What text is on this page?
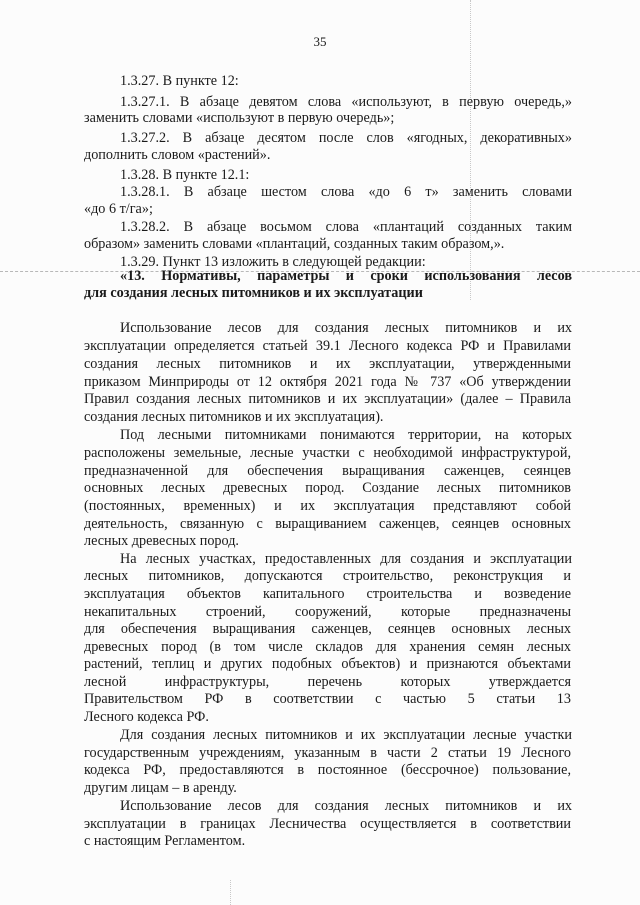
35
1.3.27. В пункте 12:
1.3.27.1. В абзаце девятом слова «используют, в первую очередь,»
заменить словами «используют в первую очередь»;
1.3.27.2. В абзаце десятом после слов «ягодных, декоративных»
дополнить словом «растений».
1.3.28. В пункте 12.1:
1.3.28.1. В абзаце шестом слова «до 6 т» заменить словами
«до 6 т/га»;
1.3.28.2. В абзаце восьмом слова «плантаций созданных таким
образом» заменить словами «плантаций, созданных таким образом,».
1.3.29. Пункт 13 изложить в следующей редакции:
«13. Нормативы, параметры и сроки использования лесов
для создания лесных питомников и их эксплуатации
Использование лесов для создания лесных питомников и их
эксплуатации определяется статьей 39.1 Лесного кодекса РФ и Правилами
создания лесных питомников и их эксплуатации, утвержденными
приказом Минприроды от 12 октября 2021 года № 737 «Об утверждении
Правил создания лесных питомников и их эксплуатации» (далее – Правила
создания лесных питомников и их эксплуатация).
Под лесными питомниками понимаются территории, на которых
расположены земельные, лесные участки с необходимой инфраструктурой,
предназначенной для обеспечения выращивания саженцев, сеянцев
основных лесных древесных пород. Создание лесных питомников
(постоянных, временных) и их эксплуатация представляют собой
деятельность, связанную с выращиванием саженцев, сеянцев основных
лесных древесных пород.
На лесных участках, предоставленных для создания и эксплуатации
лесных питомников, допускаются строительство, реконструкция и
эксплуатация объектов капитального строительства и возведение
некапитальных строений, сооружений, которые предназначены
для обеспечения выращивания саженцев, сеянцев основных лесных
древесных пород (в том числе складов для хранения семян лесных
растений, теплиц и других подобных объектов) и признаются объектами
лесной инфраструктуры, перечень которых утверждается
Правительством РФ в соответствии с частью 5 статьи 13
Лесного кодекса РФ.
Для создания лесных питомников и их эксплуатации лесные участки
государственным учреждениям, указанным в части 2 статьи 19 Лесного
кодекса РФ, предоставляются в постоянное (бессрочное) пользование,
другим лицам – в аренду.
Использование лесов для создания лесных питомников и их
эксплуатации в границах Лесничества осуществляется в соответствии
с настоящим Регламентом.
